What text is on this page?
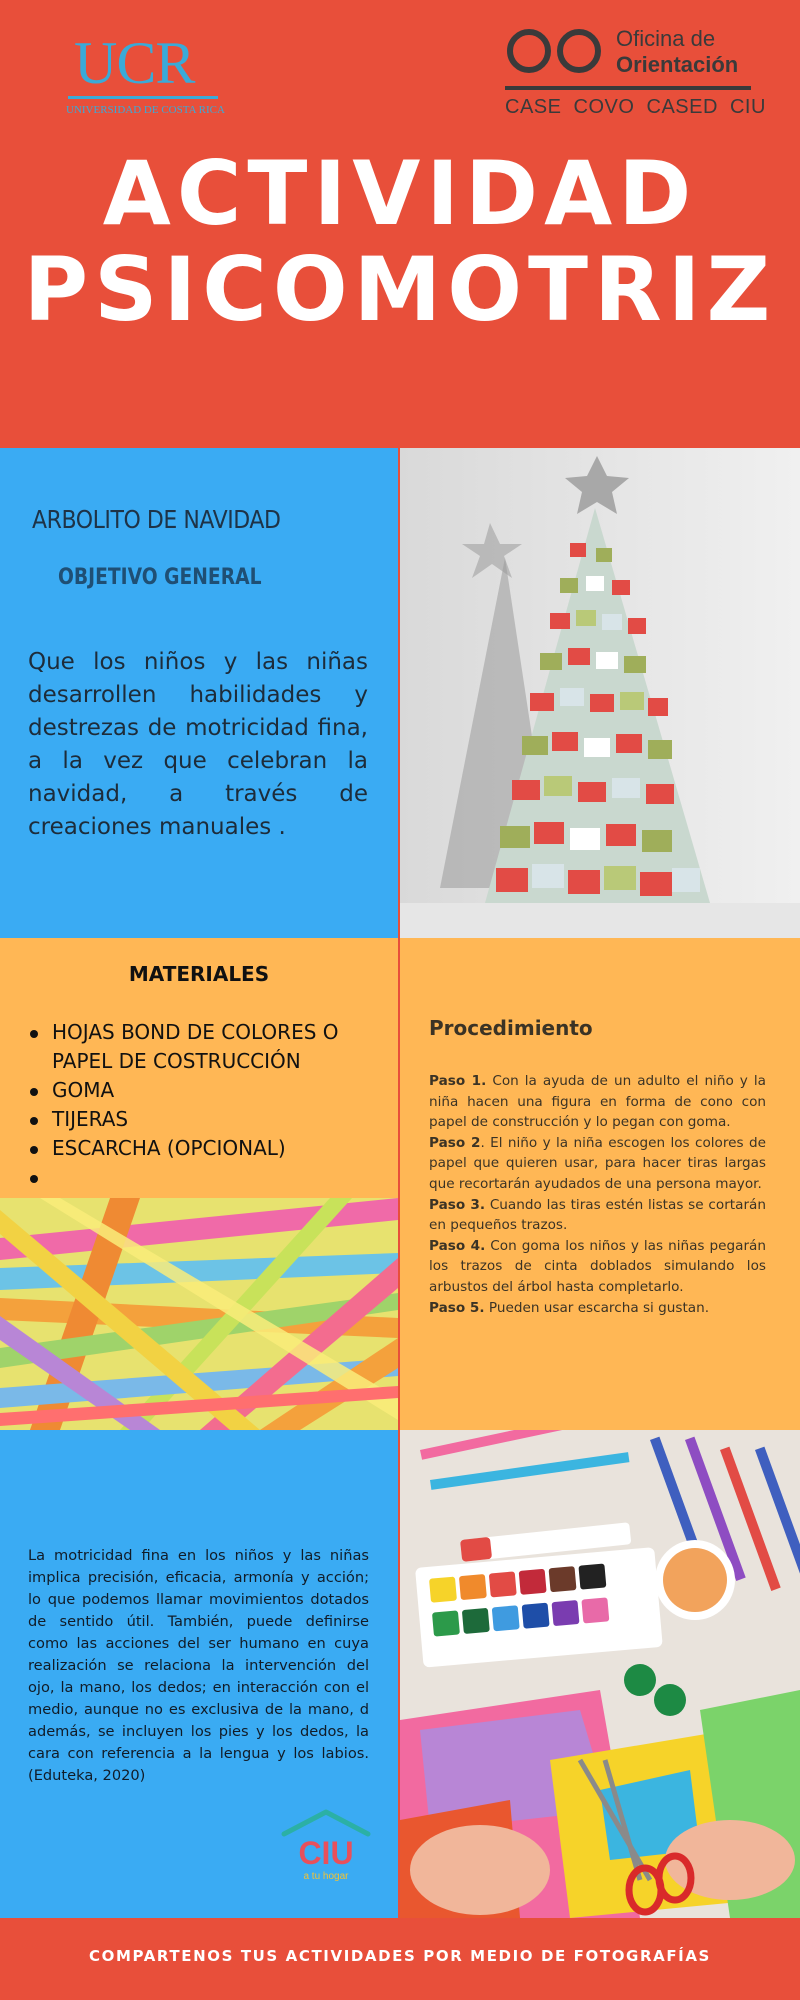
UCR
UNIVERSIDAD DE COSTA RICA
Oficina de
Orientación
CASE COVO CASED CIU
ACTIVIDAD
PSICOMOTRIZ
ARBOLITO DE NAVIDAD
OBJETIVO GENERAL
Que los niños y las niñas desarrollen habilidades y destrezas de motricidad fina, a la vez que celebran la navidad, a través de creaciones manuales .
MATERIALES
HOJAS BOND DE COLORES O PAPEL DE COSTRUCCIÓN
GOMA
TIJERAS
ESCARCHA (OPCIONAL)
Procedimiento
Paso 1. Con la ayuda de un adulto el niño y la niña hacen una figura en forma de cono con papel de construcción y lo pegan con goma.
Paso 2. El niño y la niña escogen los colores de papel que quieren usar, para hacer tiras largas que recortarán ayudados de una persona mayor.
Paso 3. Cuando las tiras estén listas se cortarán en pequeños trazos.
Paso 4. Con goma los niños y las niñas pegarán los trazos de cinta doblados simulando los arbustos del árbol hasta completarlo.
Paso 5. Pueden usar escarcha si gustan.
La motricidad fina en los niños y las niñas implica precisión, eficacia, armonía y acción; lo que podemos llamar movimientos dotados de sentido útil. También, puede definirse como las acciones del ser humano en cuya realización se relaciona la intervención del ojo, la mano, los dedos; en interacción con el medio, aunque no es exclusiva de la mano, d además, se incluyen los pies y los dedos, la cara con referencia a la lengua y los labios. (Eduteka, 2020)
CIU
a tu hogar
COMPARTENOS TUS ACTIVIDADES POR MEDIO DE FOTOGRAFÍAS
